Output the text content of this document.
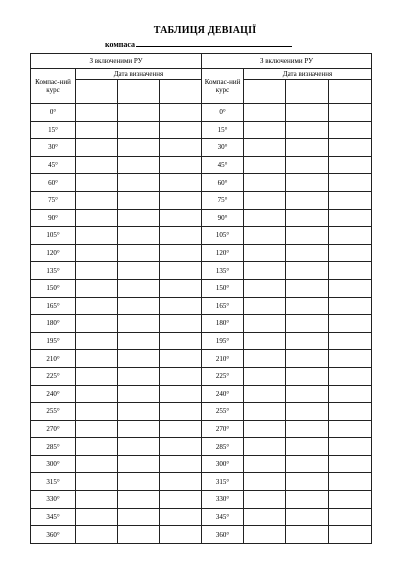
ТАБЛИЦЯ ДЕВІАЦІЇ
компаса
З включеними РУ				З включеними РУ			
Компас-ний курс	Дата визначення			Компас-ний курс	Дата визначення		

0°				0°			
15°				15°			
30°				30°			
45°				45°			
60°				60°			
75°				75°			
90°				90°			
105°				105°			
120°				120°			
135°				135°			
150°				150°			
165°				165°			
180°				180°			
195°				195°			
210°				210°			
225°				225°			
240°				240°			
255°				255°			
270°				270°			
285°				285°			
300°				300°			
315°				315°			
330°				330°			
345°				345°			
360°				360°			
